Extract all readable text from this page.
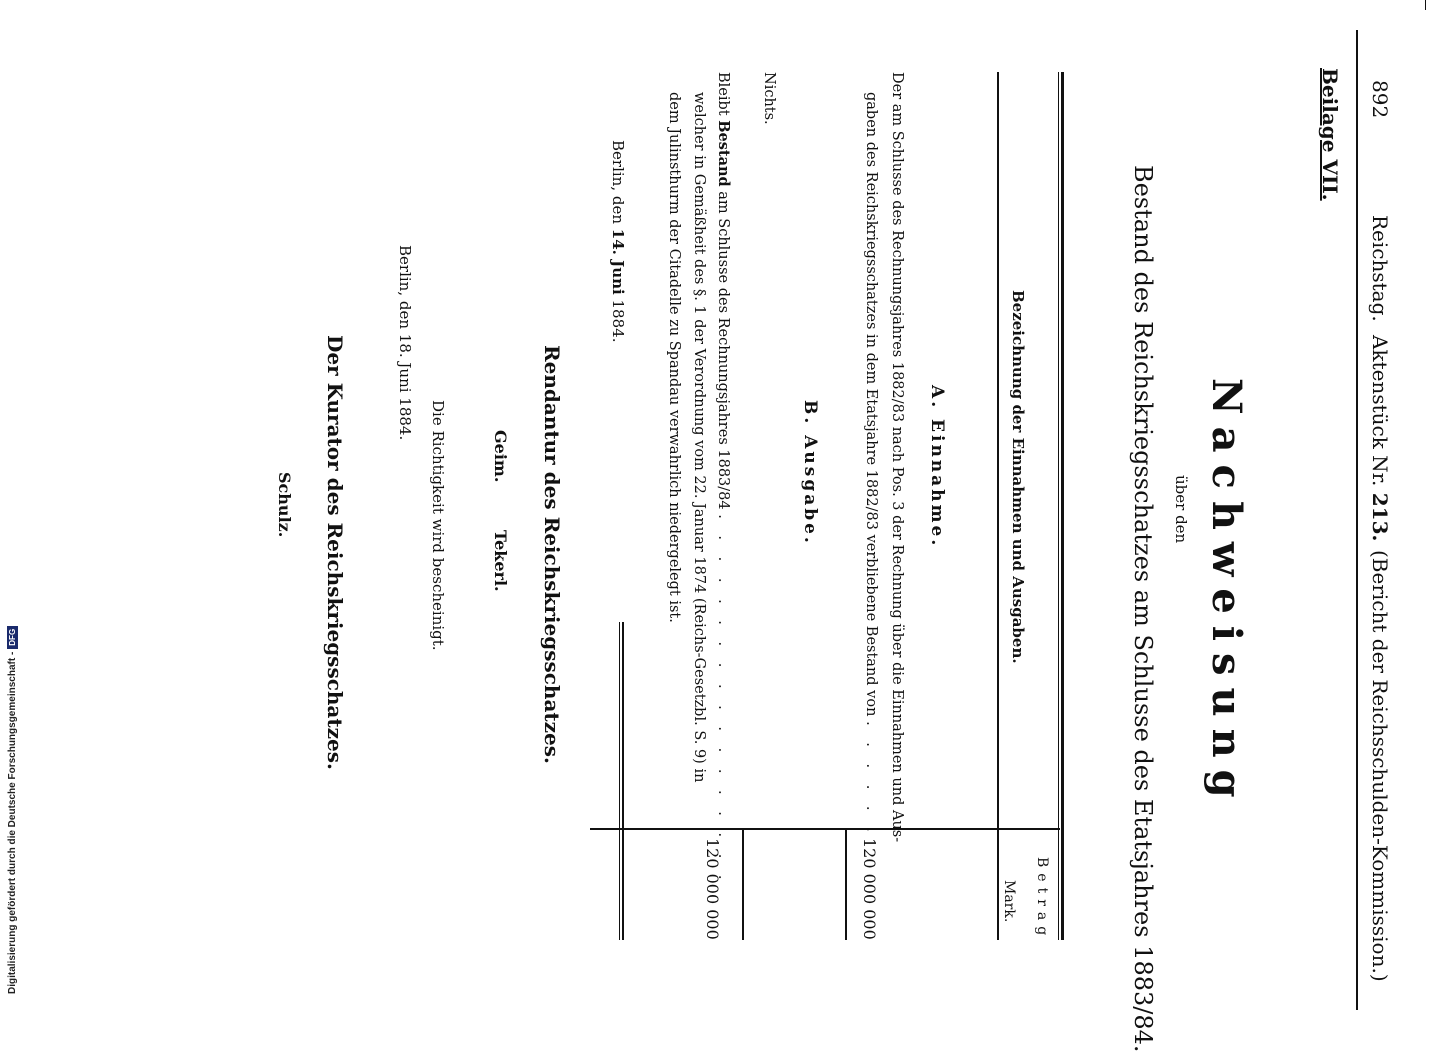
892
Reichstag.
Aktenstück Nr. 213.
(Bericht der Reichsschulden-Kommission.)
Beilage VII.
Nachweisung
über den
Bestand des Reichskriegsschatzes am Schlusse des Etatsjahres 1883/84.
Bezeichnung der Einnahmen und Ausgaben.
Betrag
Mark.
A. Einnahme.
Der am Schlusse des Rechnungsjahres 1882/83 nach Pos. 3 der Rechnung über die Einnahmen und Aus-
gaben des Reichskriegsschatzes in dem Etatsjahre 1882/83 verbliebene Bestand von . . . . . .
120 000 000
B. Ausgabe.
Nichts.
Bleibt Bestand am Schlusse des Rechnungsjahres 1883/84 . . . . . . . . . . . . . . . . . .
welcher in Gemäßheit des §. 1 der Verordnung vom 22. Januar 1874 (Reichs-Gesetzbl. S. 9) in
dem Julinsthurm der Citadelle zu Spandau verwahrlich niedergelegt ist.
120 000 000
Berlin, den 14. Juni 1884.
Rendantur des Reichskriegsschatzes.
Geim.
Tekerl.
Die Richtigkeit wird bescheinigt.
Berlin, den 18. Juni 1884.
Der Kurator des Reichskriegsschatzes.
Schulz.
Digitalisierung gefördert durch die Deutsche Forschungsgemeinschaft -DFG
